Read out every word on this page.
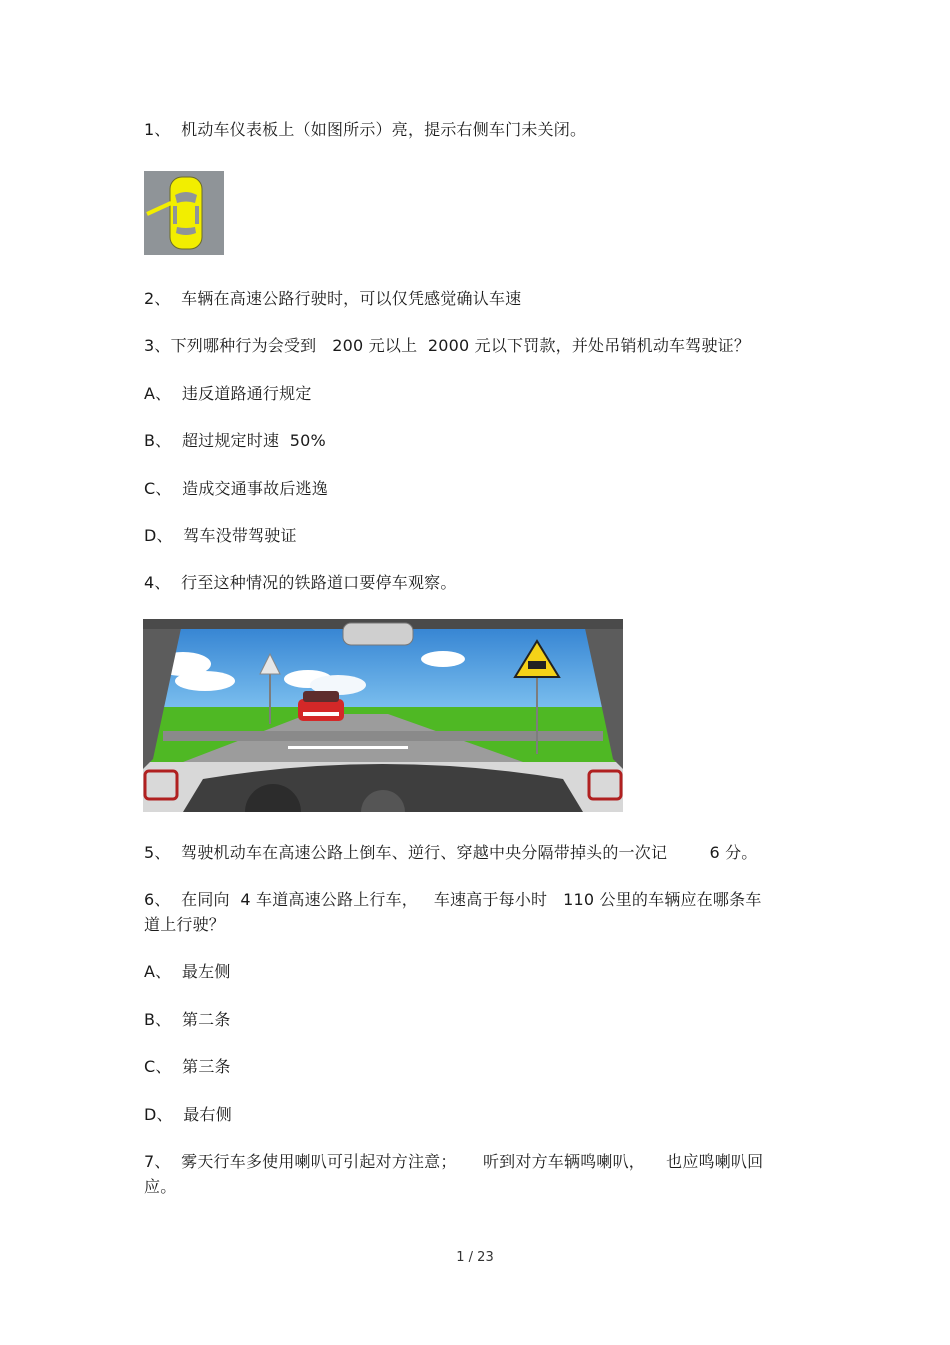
1、  机动车仪表板上（如图所示）亮，提示右侧车门未关闭。
2、  车辆在高速公路行驶时，可以仅凭感觉确认车速
3、下列哪种行为会受到   200 元以上  2000 元以下罚款，并处吊销机动车驾驶证？
A、  违反道路通行规定
B、  超过规定时速  50%
C、  造成交通事故后逃逸
D、  驾车没带驾驶证
4、  行至这种情况的铁路道口要停车观察。
5、  驾驶机动车在高速公路上倒车、逆行、穿越中央分隔带掉头的一次记        6 分。
6、  在同向  4 车道高速公路上行车，   车速高于每小时   110 公里的车辆应在哪条车
道上行驶？
A、  最左侧
B、  第二条
C、  第三条
D、  最右侧
7、  雾天行车多使用喇叭可引起对方注意；     听到对方车辆鸣喇叭，    也应鸣喇叭回
应。
1 / 23
